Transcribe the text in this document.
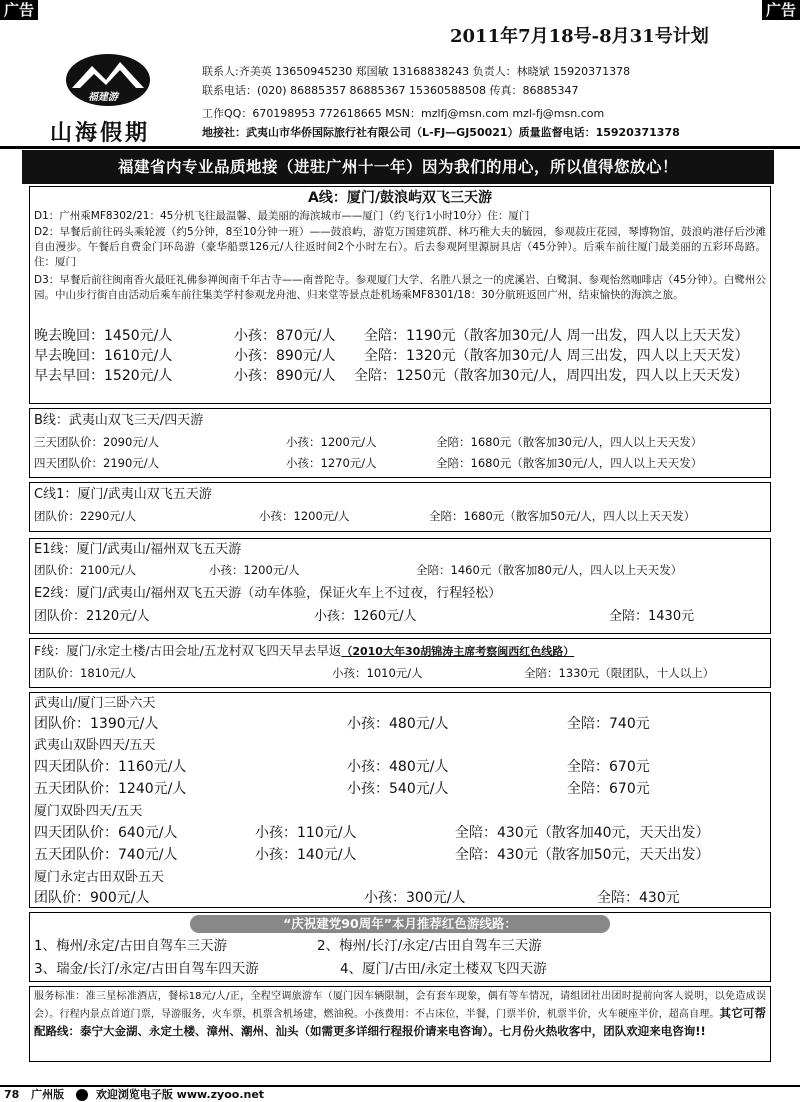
广告	广告
2011年7月18号-8月31号计划
福建游
山海假期
联系人:齐美英 13650945230 郑国敏 13168838243 负责人：林晓斌 15920371378
联系电话：(020) 86885357 86885367 15360588508 传真：86885347
工作QQ：670198953 772618665 MSN：mzlfj@msn.com mzl-fj@msn.com
地接社：武夷山市华侨国际旅行社有限公司（L-FJ—GJ50021）质量监督电话：15920371378
福建省内专业品质地接（进驻广州十一年）因为我们的用心，所以值得您放心！
A线：厦门/鼓浪屿双飞三天游
D1：广州乘MF8302/21：45分机飞往最温馨、最美丽的海滨城市——厦门（约飞行1小时10分）住：厦门
D2：早餐后前往码头乘轮渡（约5分钟，8至10分钟一班）——鼓浪屿，游览万国建筑群、林巧稚大夫的毓园，参观菽庄花园，琴博物馆，鼓浪屿港仔后沙滩自由漫步。午餐后自费金门环岛游（豪华船票126元/人往返时间2个小时左右）。后去参观阿里源厨具店（45分钟）。后乘车前往厦门最美丽的五彩环岛路。 住：厦门
D3：早餐后前往闽南香火最旺礼佛参禅闽南千年古寺——南普陀寺。参观厦门大学、名胜八景之一的虎溪岩、白鹭洞、参观怡然咖啡店（45分钟）。白鹭州公园。中山步行街自由活动后乘车前往集美学村参观龙舟池、归来堂等景点赴机场乘MF8301/18：30分航班返回广州，结束愉快的海滨之旅。
晚去晚回：1450元/人	小孩：870元/人 全陪：1190元（散客加30元/人 周一出发，四人以上天天发）
早去晚回：1610元/人	小孩：890元/人 全陪：1320元（散客加30元/人 周三出发，四人以上天天发）
早去早回：1520元/人	小孩：890元/人 全陪：1250元（散客加30元/人，周四出发，四人以上天天发）
B线：武夷山双飞三天/四天游
三天团队价：2090元/人	小孩：1200元/人	全陪：1680元（散客加30元/人，四人以上天天发）
四天团队价：2190元/人	小孩：1270元/人	全陪：1680元（散客加30元/人，四人以上天天发）
C线1：厦门/武夷山双飞五天游
团队价：2290元/人	小孩：1200元/人	全陪：1680元（散客加50元/人，四人以上天天发）
E1线：厦门/武夷山/福州双飞五天游
团队价：2100元/人	小孩：1200元/人	全陪：1460元（散客加80元/人，四人以上天天发）
E2线：厦门/武夷山/福州双飞五天游（动车体验，保证火车上不过夜，行程轻松）
团队价：2120元/人	小孩：1260元/人	全陪：1430元
F线：厦门/永定土楼/古田会址/五龙村双飞四天早去早返（2010大年30胡锦涛主席考察闽西红色线路）
团队价：1810元/人	小孩：1010元/人	全陪：1330元（限团队，十人以上）
武夷山/厦门三卧六天
团队价：1390元/人	小孩：480元/人	全陪：740元
武夷山双卧四天/五天
四天团队价：1160元/人	小孩：480元/人	全陪：670元
五天团队价：1240元/人	小孩：540元/人	全陪：670元
厦门双卧四天/五天
四天团队价：640元/人	小孩：110元/人	全陪：430元（散客加40元，天天出发）
五天团队价：740元/人	小孩：140元/人	全陪：430元（散客加50元，天天出发）
厦门永定古田双卧五天
团队价：900元/人	小孩：300元/人	全陪：430元
“庆祝建党90周年”本月推荐红色游线路：
1、梅州/永定/古田自驾车三天游	2、梅州/长汀/永定/古田自驾车三天游
3、瑞金/长汀/永定/古田自驾车四天游	4、厦门/古田/永定土楼双飞四天游
服务标准：准三星标准酒店，餐标18元/人/正，全程空调旅游车（厦门因车辆限制，会有套车现象，偶有等车情况，请组团社出团时提前向客人说明，以免造成误会）。行程内景点首道门票，导游服务，火车票，机票含机场建，燃油税。小孩费用：不占床位，半餐，门票半价，机票半价，火车硬座半价，超高自理。其它可帮配路线：泰宁大金湖、永定土楼、漳州、潮州、汕头（如需更多详细行程报价请来电咨询）。七月份火热收客中，团队欢迎来电咨询!!
78 广州版	欢迎浏览电子版 www.zyoo.net
